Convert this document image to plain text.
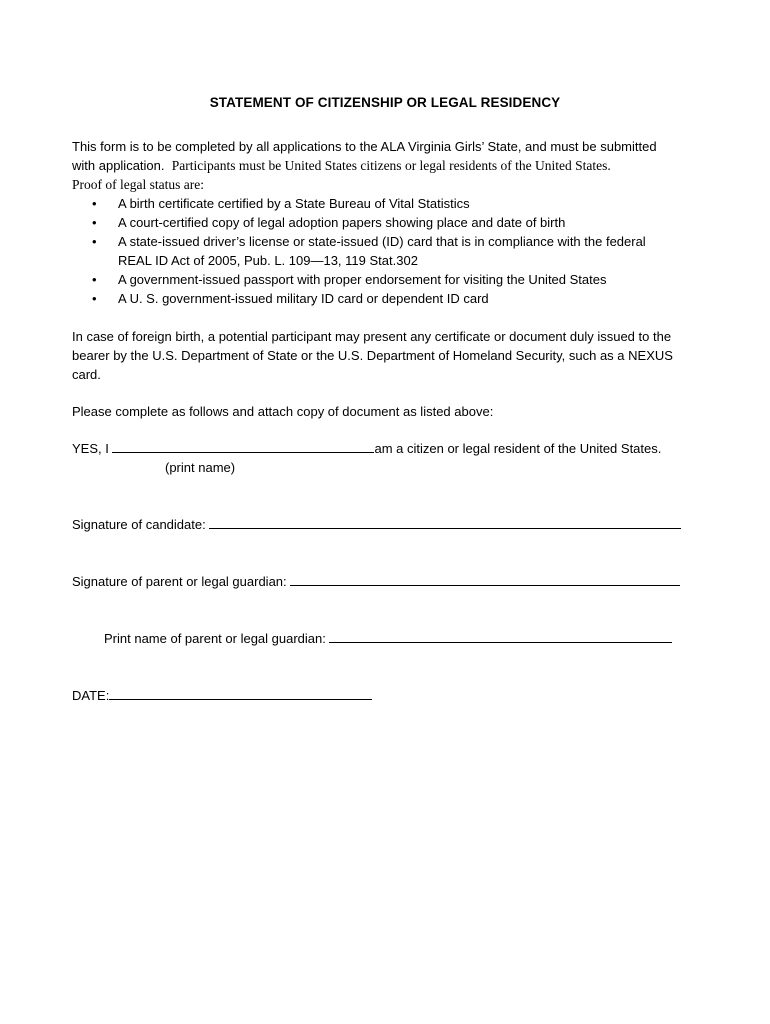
STATEMENT OF CITIZENSHIP OR LEGAL RESIDENCY
This form is to be completed by all applications to the ALA Virginia Girls’ State, and must be submitted
with application. Participants must be United States citizens or legal residents of the United States.
Proof of legal status are:
• A birth certificate certified by a State Bureau of Vital Statistics
• A court-certified copy of legal adoption papers showing place and date of birth
• A state-issued driver’s license or state-issued (ID) card that is in compliance with the federal REAL ID Act of 2005, Pub. L. 109—13, 119 Stat.302
• A government-issued passport with proper endorsement for visiting the United States
• A U. S. government-issued military ID card or dependent ID card
In case of foreign birth, a potential participant may present any certificate or document duly issued to the bearer by the U.S. Department of State or the U.S. Department of Homeland Security, such as a NEXUS card.
Please complete as follows and attach copy of document as listed above:
YES, I	am a citizen or legal resident of the United States.
(print name)
Signature of candidate:
Signature of parent or legal guardian:
Print name of parent or legal guardian:
DATE:
